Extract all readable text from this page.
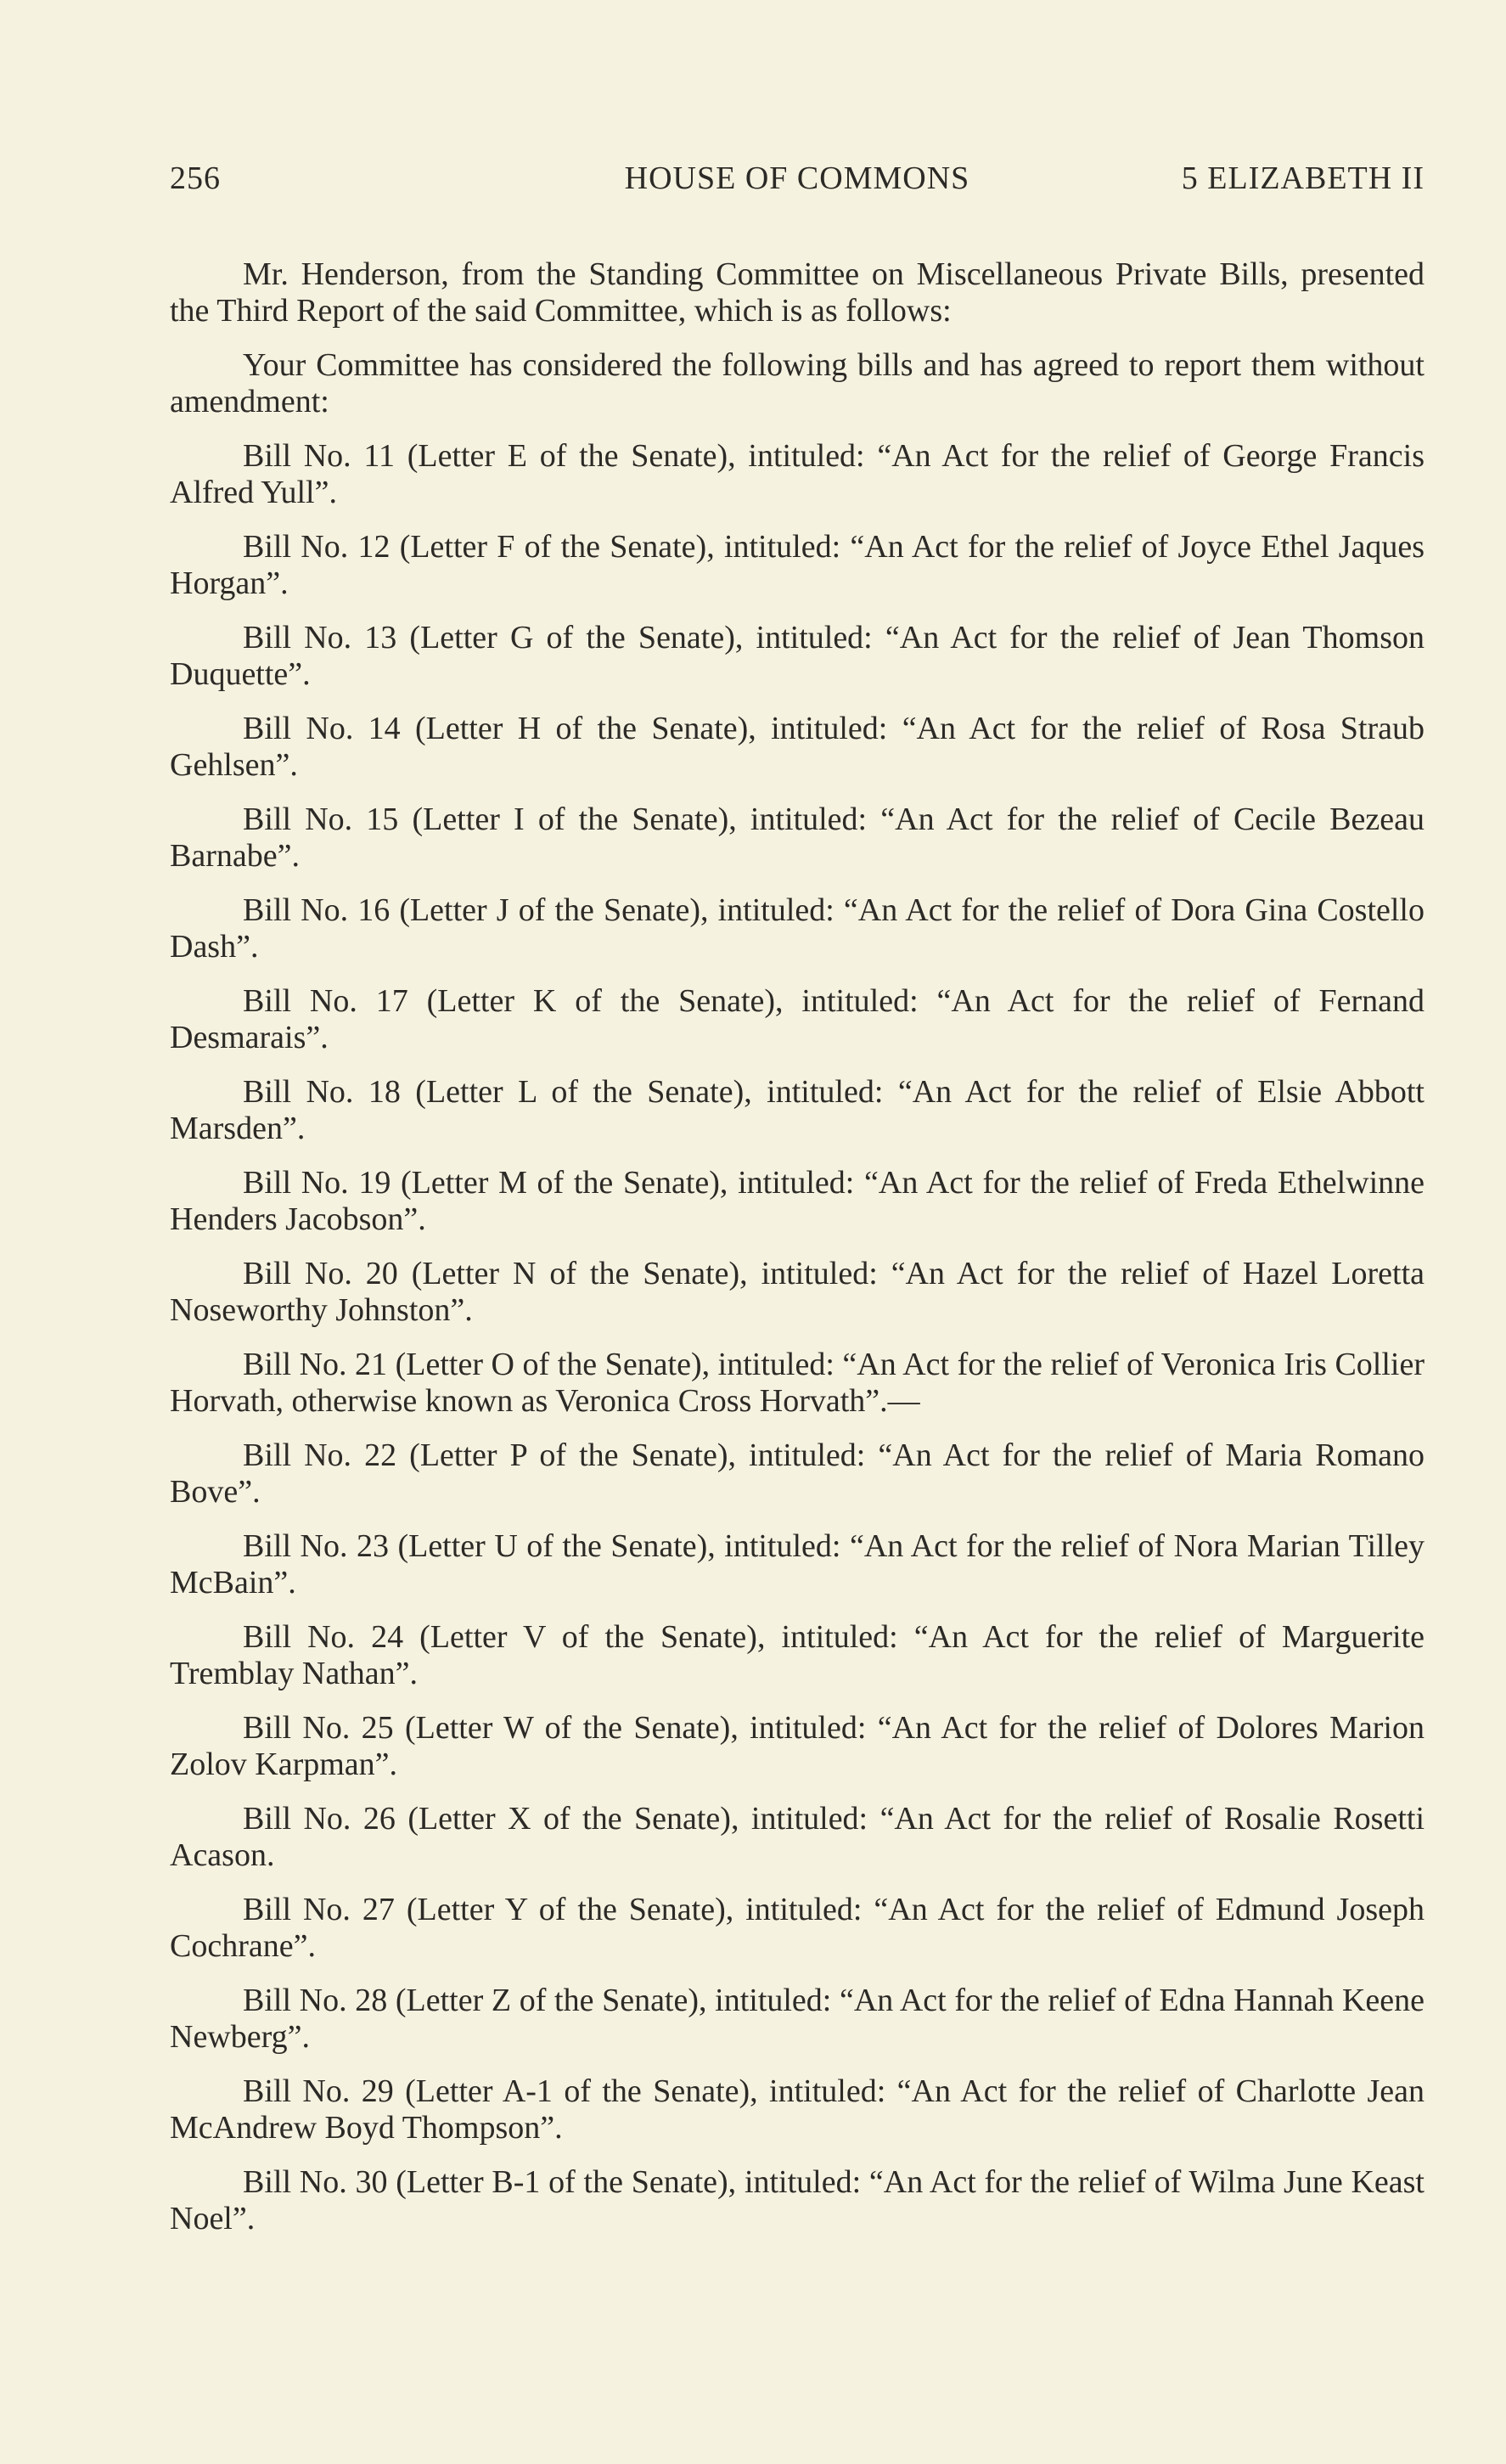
256	HOUSE OF COMMONS	5 ELIZABETH II

Mr. Henderson, from the Standing Committee on Miscellaneous Private Bills, presented the Third Report of the said Committee, which is as follows:

Your Committee has considered the following bills and has agreed to report them without amendment:

Bill No. 11 (Letter E of the Senate), intituled: “An Act for the relief of George Francis Alfred Yull”.

Bill No. 12 (Letter F of the Senate), intituled: “An Act for the relief of Joyce Ethel Jaques Horgan”.

Bill No. 13 (Letter G of the Senate), intituled: “An Act for the relief of Jean Thomson Duquette”.

Bill No. 14 (Letter H of the Senate), intituled: “An Act for the relief of Rosa Straub Gehlsen”.

Bill No. 15 (Letter I of the Senate), intituled: “An Act for the relief of Cecile Bezeau Barnabe”.

Bill No. 16 (Letter J of the Senate), intituled: “An Act for the relief of Dora Gina Costello Dash”.

Bill No. 17 (Letter K of the Senate), intituled: “An Act for the relief of Fernand Desmarais”.

Bill No. 18 (Letter L of the Senate), intituled: “An Act for the relief of Elsie Abbott Marsden”.

Bill No. 19 (Letter M of the Senate), intituled: “An Act for the relief of Freda Ethelwinne Henders Jacobson”.

Bill No. 20 (Letter N of the Senate), intituled: “An Act for the relief of Hazel Loretta Noseworthy Johnston”.

Bill No. 21 (Letter O of the Senate), intituled: “An Act for the relief of Veronica Iris Collier Horvath, otherwise known as Veronica Cross Horvath”.—

Bill No. 22 (Letter P of the Senate), intituled: “An Act for the relief of Maria Romano Bove”.

Bill No. 23 (Letter U of the Senate), intituled: “An Act for the relief of Nora Marian Tilley McBain”.

Bill No. 24 (Letter V of the Senate), intituled: “An Act for the relief of Marguerite Tremblay Nathan”.

Bill No. 25 (Letter W of the Senate), intituled: “An Act for the relief of Dolores Marion Zolov Karpman”.

Bill No. 26 (Letter X of the Senate), intituled: “An Act for the relief of Rosalie Rosetti Acason.

Bill No. 27 (Letter Y of the Senate), intituled: “An Act for the relief of Edmund Joseph Cochrane”.

Bill No. 28 (Letter Z of the Senate), intituled: “An Act for the relief of Edna Hannah Keene Newberg”.

Bill No. 29 (Letter A-1 of the Senate), intituled: “An Act for the relief of Charlotte Jean McAndrew Boyd Thompson”.

Bill No. 30 (Letter B-1 of the Senate), intituled: “An Act for the relief of Wilma June Keast Noel”.
